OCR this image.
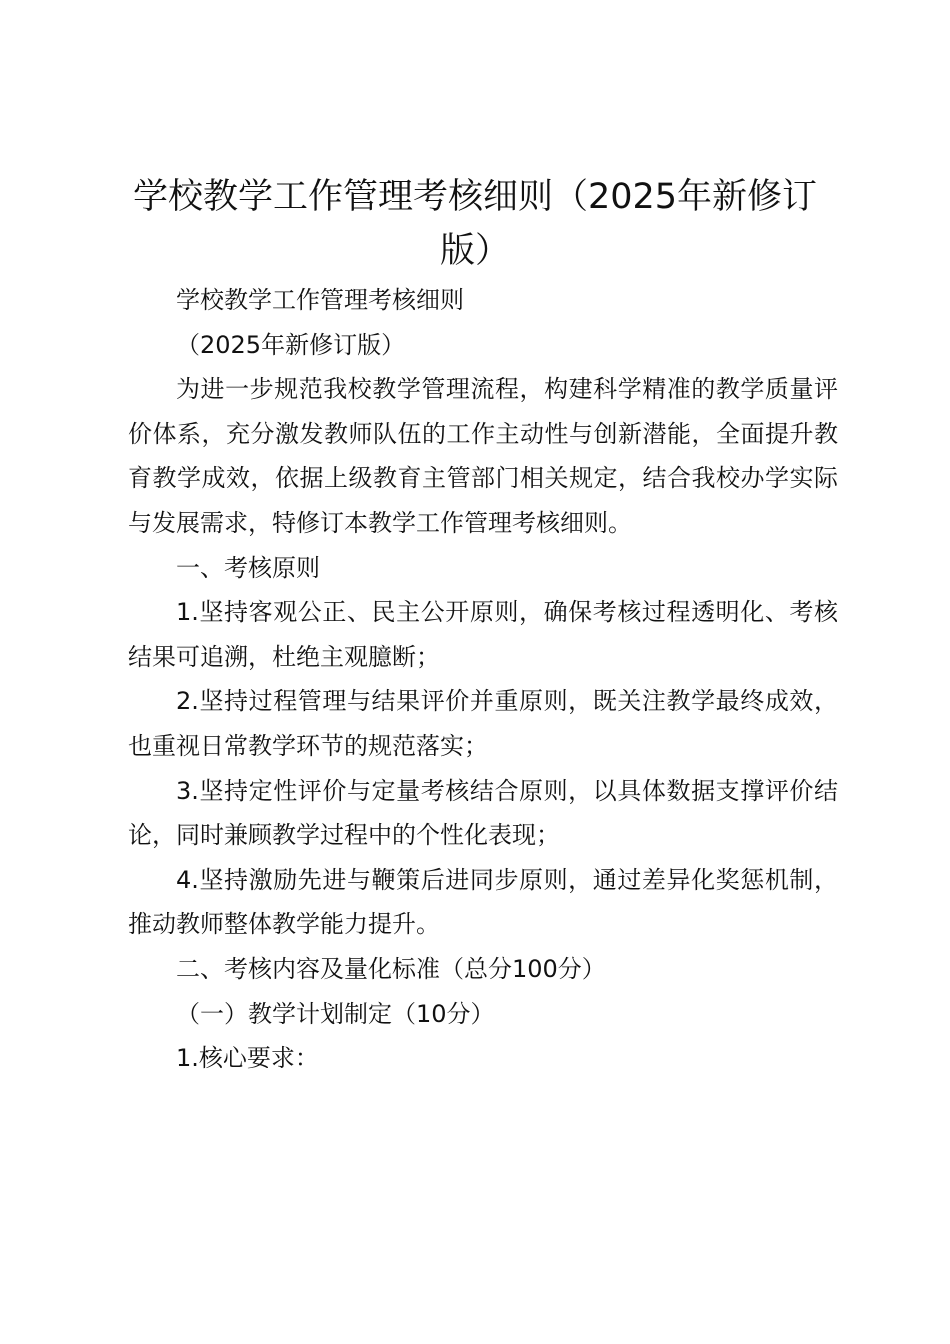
学校教学工作管理考核细则（2025年新修订版）

学校教学工作管理考核细则

（2025年新修订版）

为进一步规范我校教学管理流程，构建科学精准的教学质量评价体系，充分激发教师队伍的工作主动性与创新潜能，全面提升教育教学成效，依据上级教育主管部门相关规定，结合我校办学实际与发展需求，特修订本教学工作管理考核细则。

一、考核原则

1.坚持客观公正、民主公开原则，确保考核过程透明化、考核结果可追溯，杜绝主观臆断；

2.坚持过程管理与结果评价并重原则，既关注教学最终成效，也重视日常教学环节的规范落实；

3.坚持定性评价与定量考核结合原则，以具体数据支撑评价结论，同时兼顾教学过程中的个性化表现；

4.坚持激励先进与鞭策后进同步原则，通过差异化奖惩机制，推动教师整体教学能力提升。

二、考核内容及量化标准（总分100分）

（一）教学计划制定（10分）

1.核心要求：
